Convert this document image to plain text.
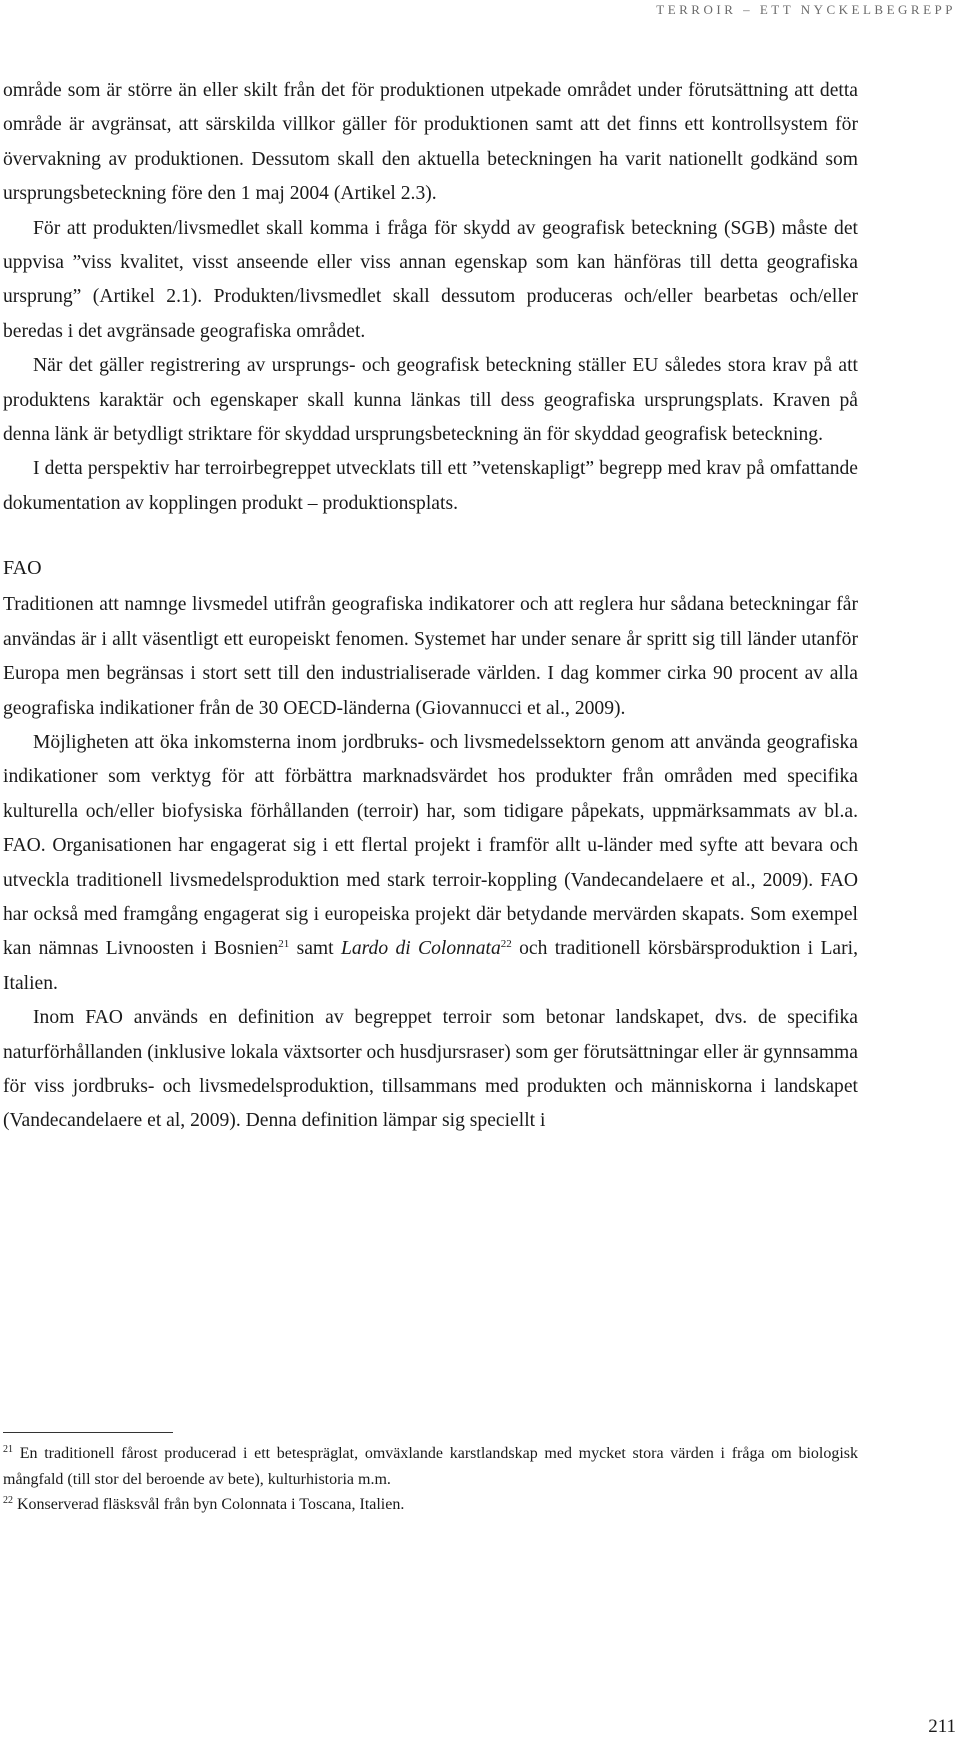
TERROIR – ETT NYCKELBEGREPP

område som är större än eller skilt från det för produktionen utpekade området under förutsättning att detta område är avgränsat, att särskilda villkor gäller för produktionen samt att det finns ett kontrollsystem för övervakning av produktionen. Dessutom skall den aktuella beteckningen ha varit nationellt godkänd som ursprungsbeteckning före den 1 maj 2004 (Artikel 2.3).

För att produkten/livsmedlet skall komma i fråga för skydd av geografisk beteckning (SGB) måste det uppvisa ”viss kvalitet, visst anseende eller viss annan egenskap som kan hänföras till detta geografiska ursprung” (Artikel 2.1). Produkten/livsmedlet skall dessutom produceras och/eller bearbetas och/eller beredas i det avgränsade geografiska området.

När det gäller registrering av ursprungs- och geografisk beteckning ställer EU således stora krav på att produktens karaktär och egenskaper skall kunna länkas till dess geografiska ursprungsplats. Kraven på denna länk är betydligt striktare för skyddad ursprungsbeteckning än för skyddad geografisk beteckning.

I detta perspektiv har terroirbegreppet utvecklats till ett ”vetenskapligt” begrepp med krav på omfattande dokumentation av kopplingen produkt – produktionsplats.

FAO

Traditionen att namnge livsmedel utifrån geografiska indikatorer och att reglera hur sådana beteckningar får användas är i allt väsentligt ett europeiskt fenomen. Systemet har under senare år spritt sig till länder utanför Europa men begränsas i stort sett till den industrialiserade världen. I dag kommer cirka 90 procent av alla geografiska indikationer från de 30 OECD-länderna (Giovannucci et al., 2009).

Möjligheten att öka inkomsterna inom jordbruks- och livsmedelssektorn genom att använda geografiska indikationer som verktyg för att förbättra marknadsvärdet hos produkter från områden med specifika kulturella och/eller biofysiska förhållanden (terroir) har, som tidigare påpekats, uppmärksammats av bl.a. FAO. Organisationen har engagerat sig i ett flertal projekt i framför allt u-länder med syfte att bevara och utveckla traditionell livsmedelsproduktion med stark terroir-koppling (Vandecandelaere et al., 2009). FAO har också med framgång engagerat sig i europeiska projekt där betydande mervärden skapats. Som exempel kan nämnas Livnoosten i Bosnien$^{21}$ samt Lardo di Colonnata$^{22}$ och traditionell körsbärsproduktion i Lari, Italien.

Inom FAO används en definition av begreppet terroir som betonar landskapet, dvs. de specifika naturförhållanden (inklusive lokala växtsorter och husdjursraser) som ger förutsättningar eller är gynnsamma för viss jordbruks- och livsmedelsproduktion, tillsammans med produkten och människorna i landskapet (Vandecandelaere et al, 2009). Denna definition lämpar sig speciellt i

$^{21}$ En traditionell fårost producerad i ett betespräglat, omväxlande karstlandskap med mycket stora värden i fråga om biologisk mångfald (till stor del beroende av bete), kulturhistoria m.m.

$^{22}$ Konserverad fläsksvål från byn Colonnata i Toscana, Italien.

211
